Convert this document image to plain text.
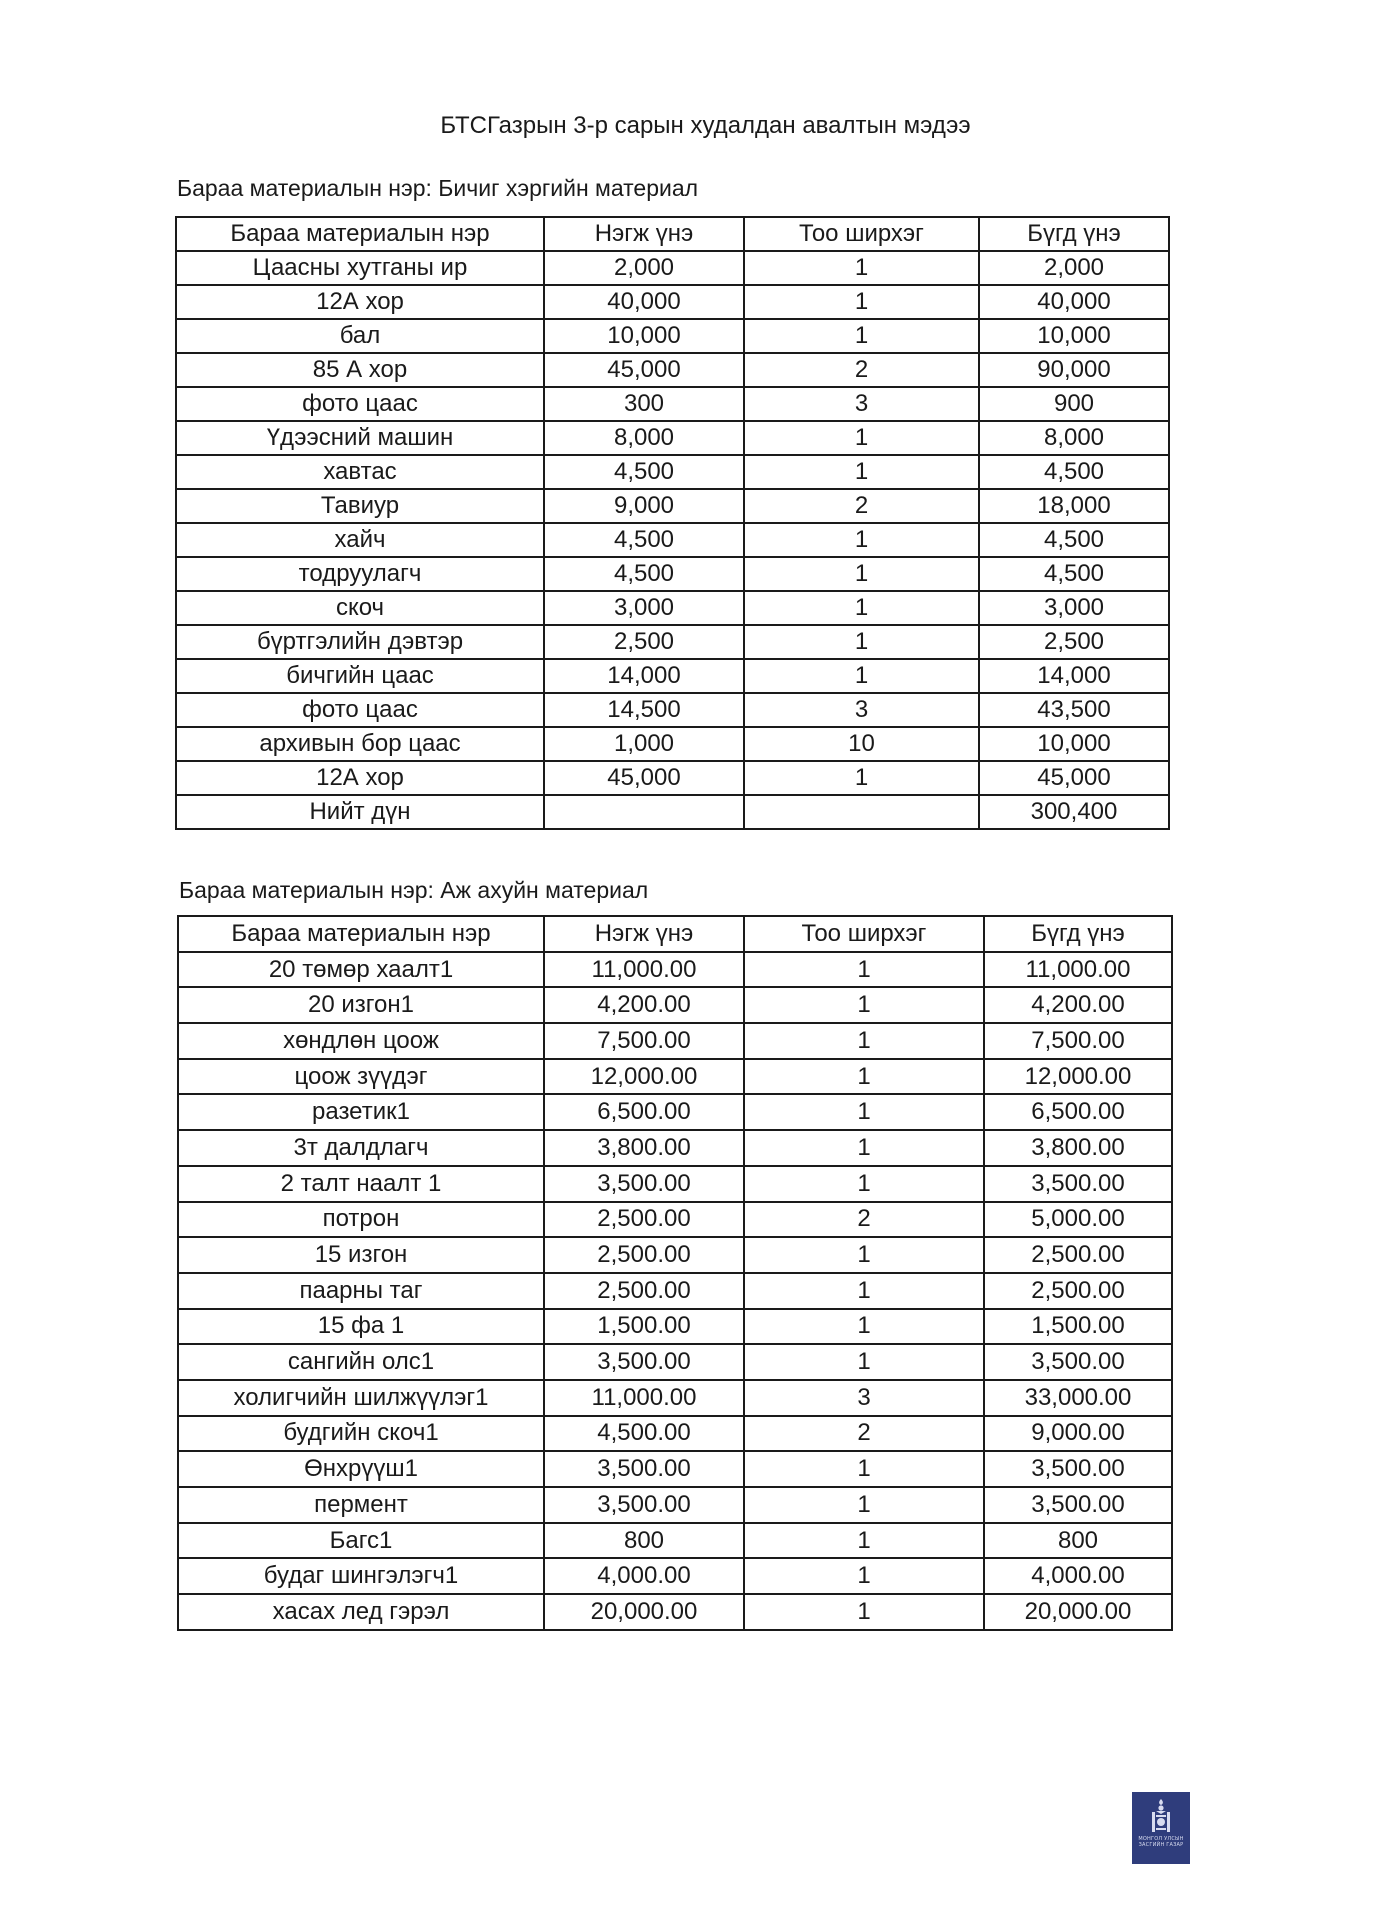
БТСГазрын 3-р сарын худалдан авалтын мэдээ
Бараа материалын нэр: Бичиг хэргийн материал
Бараа материалын нэр	Нэгж үнэ	Тоо ширхэг	Бүгд үнэ
Цаасны хутганы ир	2,000	1	2,000
12А хор	40,000	1	40,000
бал	10,000	1	10,000
85 А хор	45,000	2	90,000
фото цаас	300	3	900
Үдээсний машин	8,000	1	8,000
хавтас	4,500	1	4,500
Тавиур	9,000	2	18,000
хайч	4,500	1	4,500
тодруулагч	4,500	1	4,500
скоч	3,000	1	3,000
бүртгэлийн дэвтэр	2,500	1	2,500
бичгийн цаас	14,000	1	14,000
фото цаас	14,500	3	43,500
архивын бор цаас	1,000	10	10,000
12А хор	45,000	1	45,000
Нийт дүн			300,400
Бараа материалын нэр: Аж ахуйн материал
Бараа материалын нэр	Нэгж үнэ	Тоо ширхэг	Бүгд үнэ
20 төмөр хаалт1	11,000.00	1	11,000.00
20 изгон1	4,200.00	1	4,200.00
хөндлөн цоож	7,500.00	1	7,500.00
цоож зүүдэг	12,000.00	1	12,000.00
разетик1	6,500.00	1	6,500.00
3т далдлагч	3,800.00	1	3,800.00
2 талт наалт 1	3,500.00	1	3,500.00
потрон	2,500.00	2	5,000.00
15 изгон	2,500.00	1	2,500.00
паарны таг	2,500.00	1	2,500.00
15 фа 1	1,500.00	1	1,500.00
сангийн олс1	3,500.00	1	3,500.00
холигчийн шилжүүлэг1	11,000.00	3	33,000.00
будгийн скоч1	4,500.00	2	9,000.00
Өнхрүүш1	3,500.00	1	3,500.00
пермент	3,500.00	1	3,500.00
Багс1	800	1	800
будаг шингэлэгч1	4,000.00	1	4,000.00
хасах лед гэрэл	20,000.00	1	20,000.00
МОНГОЛ УЛСЫН ЗАСГИЙН ГАЗАР
